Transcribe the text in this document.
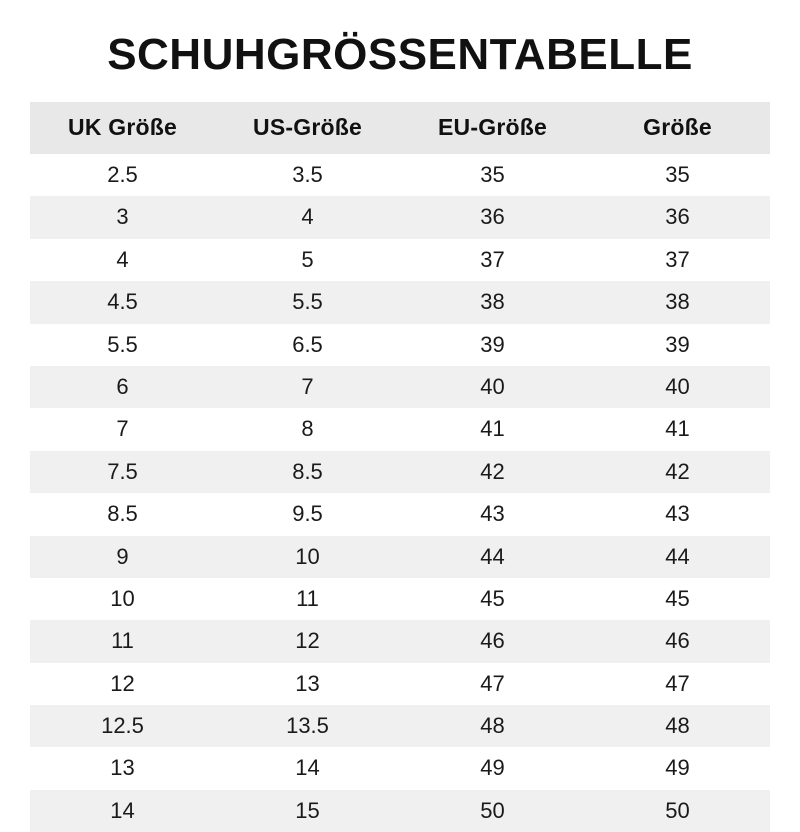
SCHUHGRÖSSENTABELLE
UK Größe	US-Größe	EU-Größe	Größe
2.5	3.5	35	35
3	4	36	36
4	5	37	37
4.5	5.5	38	38
5.5	6.5	39	39
6	7	40	40
7	8	41	41
7.5	8.5	42	42
8.5	9.5	43	43
9	10	44	44
10	11	45	45
11	12	46	46
12	13	47	47
12.5	13.5	48	48
13	14	49	49
14	15	50	50
